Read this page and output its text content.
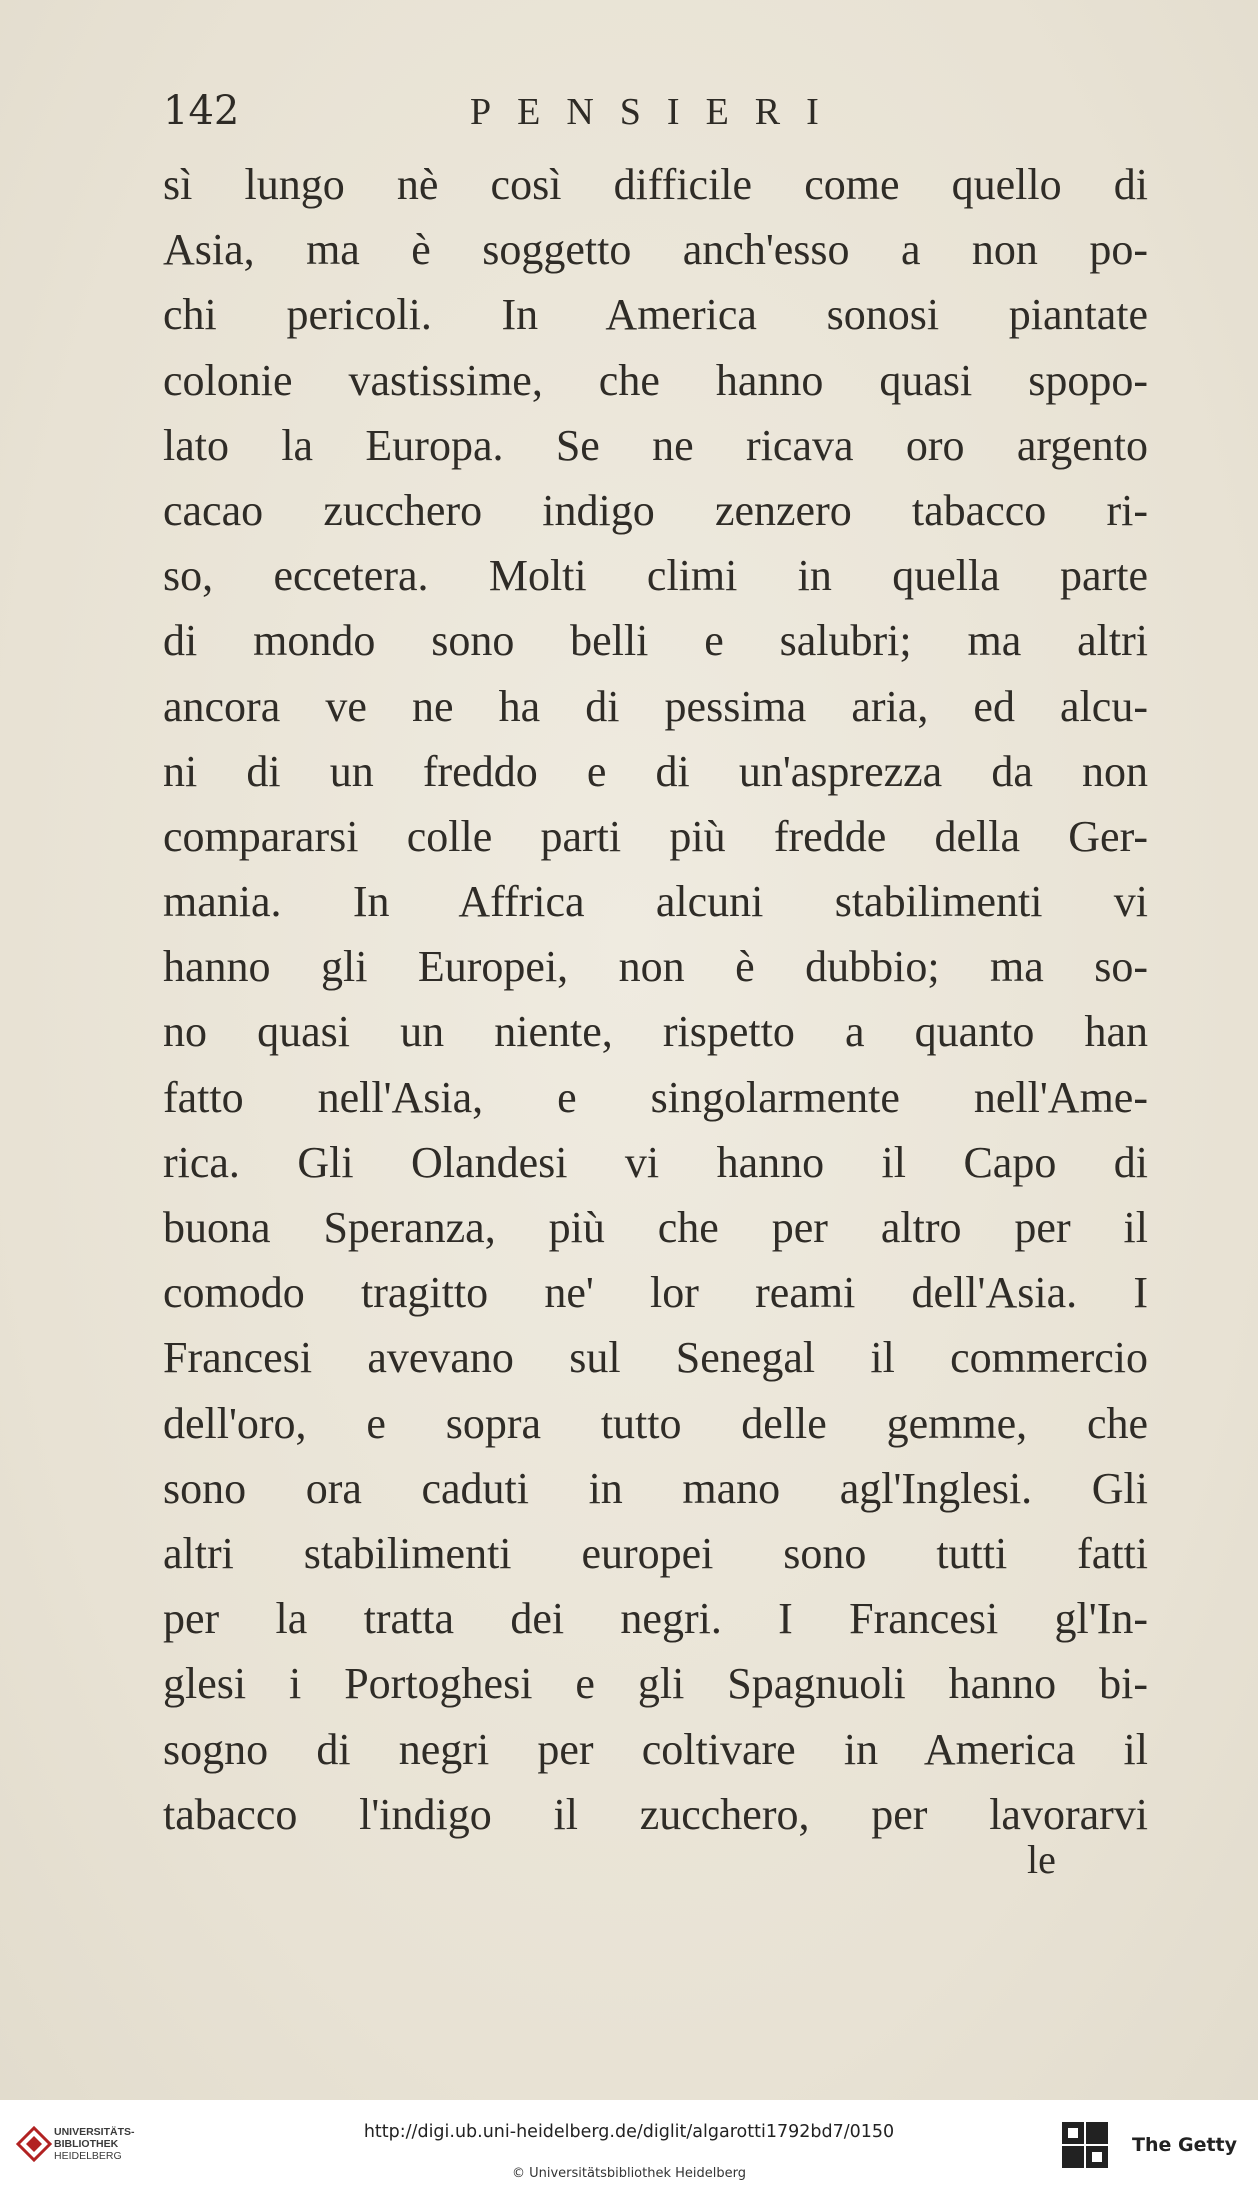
142	PENSIERI
sì lungo nè così difficile come quello di
Asia, ma è soggetto anch'esso a non po-
chi pericoli. In America sonosi piantate
colonie vastissime, che hanno quasi spopo-
lato la Europa. Se ne ricava oro argento
cacao zucchero indigo zenzero tabacco ri-
so, eccetera. Molti climi in quella parte
di mondo sono belli e salubri; ma altri
ancora ve ne ha di pessima aria, ed alcu-
ni di un freddo e di un'asprezza da non
compararsi colle parti più fredde della Ger-
mania. In Affrica alcuni stabilimenti vi
hanno gli Europei, non è dubbio; ma so-
no quasi un niente, rispetto a quanto han
fatto nell'Asia, e singolarmente nell'Ame-
rica. Gli Olandesi vi hanno il Capo di
buona Speranza, più che per altro per il
comodo tragitto ne' lor reami dell'Asia. I
Francesi avevano sul Senegal il commercio
dell'oro, e sopra tutto delle gemme, che
sono ora caduti in mano agl'Inglesi. Gli
altri stabilimenti europei sono tutti fatti
per la tratta dei negri. I Francesi gl'In-
glesi i Portoghesi e gli Spagnuoli hanno bi-
sogno di negri per coltivare in America il
tabacco l'indigo il zucchero, per lavorarvi
le
UNIVERSITÄTS-
BIBLIOTHEK
HEIDELBERG
http://digi.ub.uni-heidelberg.de/diglit/algarotti1792bd7/0150
© Universitätsbibliothek Heidelberg
The Getty
